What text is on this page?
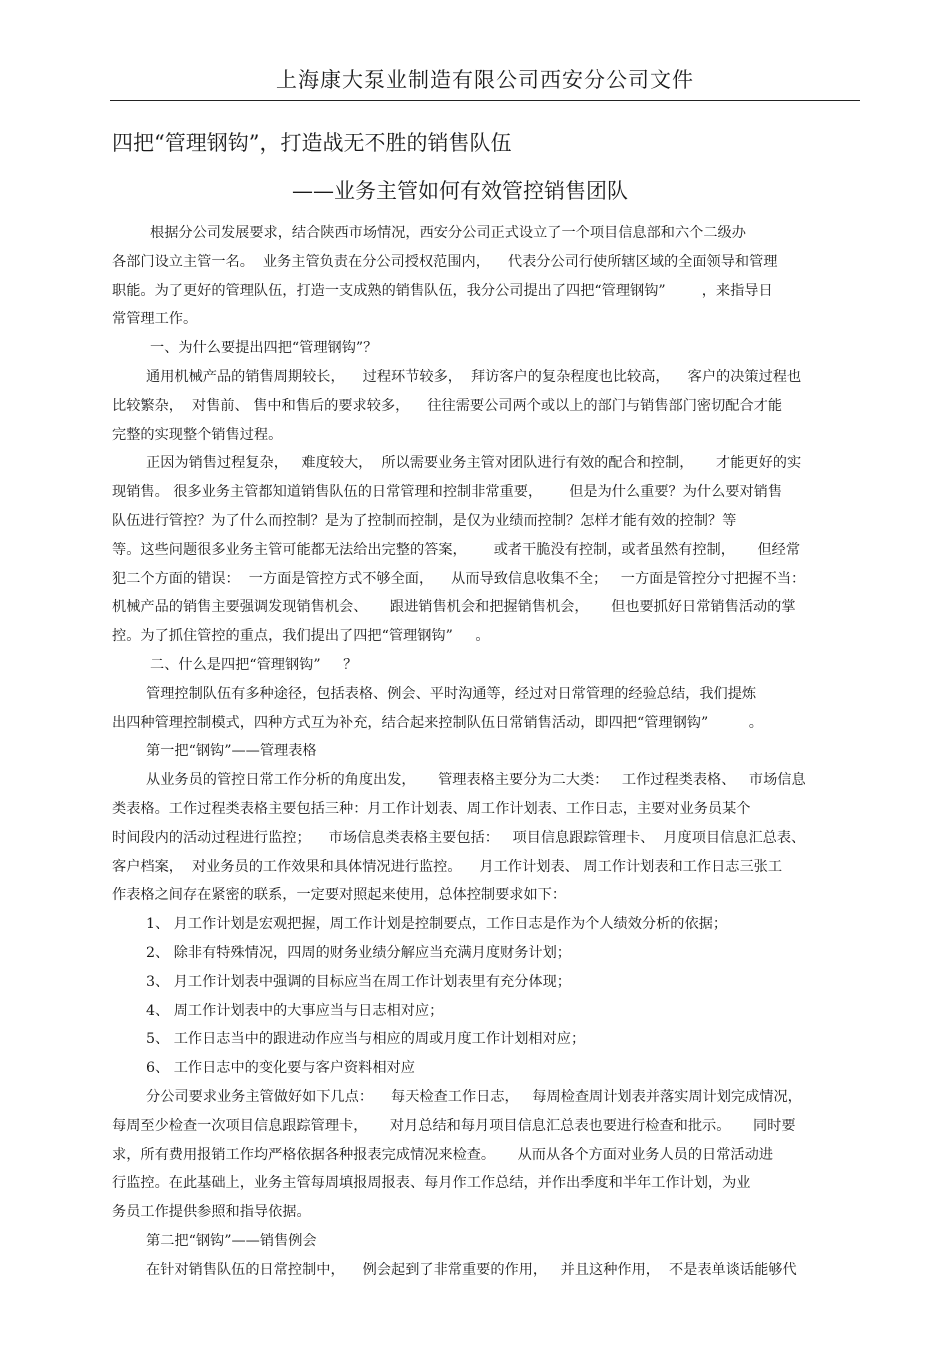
上海康大泵业制造有限公司西安分公司文件
四把“管理钢钩”，打造战无不胜的销售队伍
——业务主管如何有效管控销售团队
根据分公司发展要求，结合陕西市场情况，西安分公司正式设立了一个项目信息部和六个二级办
各部门设立主管一名。  业务主管负责在分公司授权范围内，    代表分公司行使所辖区域的全面领导和管理
职能。为了更好的管理队伍，打造一支成熟的销售队伍，我分公司提出了四把“管理钢钩”        ，来指导日
常管理工作。
一、为什么要提出四把“管理钢钩”？
通用机械产品的销售周期较长，    过程环节较多，  拜访客户的复杂程度也比较高，    客户的决策过程也
比较繁杂，  对售前、 售中和售后的要求较多，    往往需要公司两个或以上的部门与销售部门密切配合才能
完整的实现整个销售过程。
正因为销售过程复杂，   难度较大，  所以需要业务主管对团队进行有效的配合和控制，     才能更好的实
现销售。 很多业务主管都知道销售队伍的日常管理和控制非常重要，      但是为什么重要？为什么要对销售
队伍进行管控？为了什么而控制？是为了控制而控制，是仅为业绩而控制？怎样才能有效的控制？等
等。这些问题很多业务主管可能都无法给出完整的答案，      或者干脆没有控制，或者虽然有控制，     但经常
犯二个方面的错误：  一方面是管控方式不够全面，    从而导致信息收集不全；   一方面是管控分寸把握不当：
机械产品的销售主要强调发现销售机会、     跟进销售机会和把握销售机会，     但也要抓好日常销售活动的掌
控。为了抓住管控的重点，我们提出了四把“管理钢钩”     。
二、什么是四把“管理钢钩”     ？
管理控制队伍有多种途径，包括表格、例会、平时沟通等，经过对日常管理的经验总结，我们提炼
出四种管理控制模式，四种方式互为补充，结合起来控制队伍日常销售活动，即四把“管理钢钩”         。
第一把“钢钩”——管理表格
从业务员的管控日常工作分析的角度出发，     管理表格主要分为二大类：   工作过程类表格、   市场信息
类表格。工作过程类表格主要包括三种：月工作计划表、周工作计划表、工作日志，主要对业务员某个
时间段内的活动过程进行监控；    市场信息类表格主要包括：   项目信息跟踪管理卡、  月度项目信息汇总表、
客户档案，  对业务员的工作效果和具体情况进行监控。    月工作计划表、 周工作计划表和工作日志三张工
作表格之间存在紧密的联系，一定要对照起来使用，总体控制要求如下：
1、 月工作计划是宏观把握，周工作计划是控制要点，工作日志是作为个人绩效分析的依据；
2、 除非有特殊情况，四周的财务业绩分解应当充满月度财务计划；
3、 月工作计划表中强调的目标应当在周工作计划表里有充分体现；
4、 周工作计划表中的大事应当与日志相对应；
5、 工作日志当中的跟进动作应当与相应的周或月度工作计划相对应；
6、 工作日志中的变化要与客户资料相对应
分公司要求业务主管做好如下几点：    每天检查工作日志，   每周检查周计划表并落实周计划完成情况，
每周至少检查一次项目信息跟踪管理卡，     对月总结和每月项目信息汇总表也要进行检查和批示。     同时要
求，所有费用报销工作均严格依据各种报表完成情况来检查。     从而从各个方面对业务人员的日常活动进
行监控。在此基础上，业务主管每周填报周报表、每月作工作总结，并作出季度和半年工作计划，为业
务员工作提供参照和指导依据。
第二把“钢钩”——销售例会
在针对销售队伍的日常控制中，    例会起到了非常重要的作用，   并且这种作用，  不是表单谈话能够代
